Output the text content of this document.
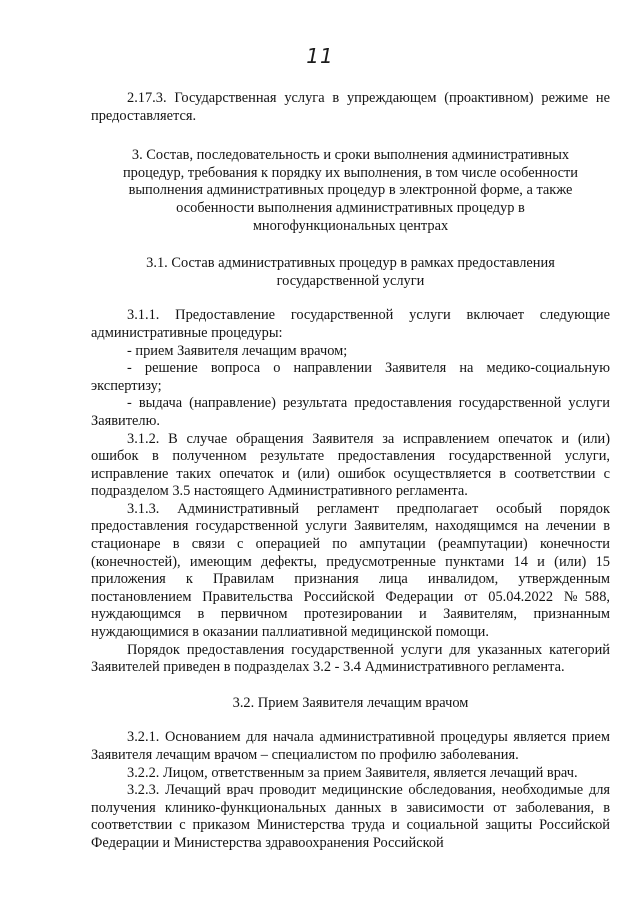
11

2.17.3. Государственная услуга в упреждающем (проактивном) режиме не предоставляется.

3. Состав, последовательность и сроки выполнения административных процедур, требования к порядку их выполнения, в том числе особенности выполнения административных процедур в электронной форме, а также особенности выполнения административных процедур в многофункциональных центрах

3.1. Состав административных процедур в рамках предоставления государственной услуги

3.1.1. Предоставление государственной услуги включает следующие административные процедуры:

- прием Заявителя лечащим врачом;

- решение вопроса о направлении Заявителя на медико-социальную экспертизу;

- выдача (направление) результата предоставления государственной услуги Заявителю.

3.1.2. В случае обращения Заявителя за исправлением опечаток и (или) ошибок в полученном результате предоставления государственной услуги, исправление таких опечаток и (или) ошибок осуществляется в соответствии с подразделом 3.5 настоящего Административного регламента.

3.1.3. Административный регламент предполагает особый порядок предоставления государственной услуги Заявителям, находящимся на лечении в стационаре в связи с операцией по ампутации (реампутации) конечности (конечностей), имеющим дефекты, предусмотренные пунктами 14 и (или) 15 приложения к Правилам признания лица инвалидом, утвержденным постановлением Правительства Российской Федерации от 05.04.2022 №588, нуждающимся в первичном протезировании и Заявителям, признанным нуждающимися в оказании паллиативной медицинской помощи.

Порядок предоставления государственной услуги для указанных категорий Заявителей приведен в подразделах 3.2 - 3.4 Административного регламента.

3.2. Прием Заявителя лечащим врачом

3.2.1. Основанием для начала административной процедуры является прием Заявителя лечащим врачом – специалистом по профилю заболевания.

3.2.2. Лицом, ответственным за прием Заявителя, является лечащий врач.

3.2.3. Лечащий врач проводит медицинские обследования, необходимые для получения клинико-функциональных данных в зависимости от заболевания, в соответствии с приказом Министерства труда и социальной защиты Российской Федерации и Министерства здравоохранения Российской
